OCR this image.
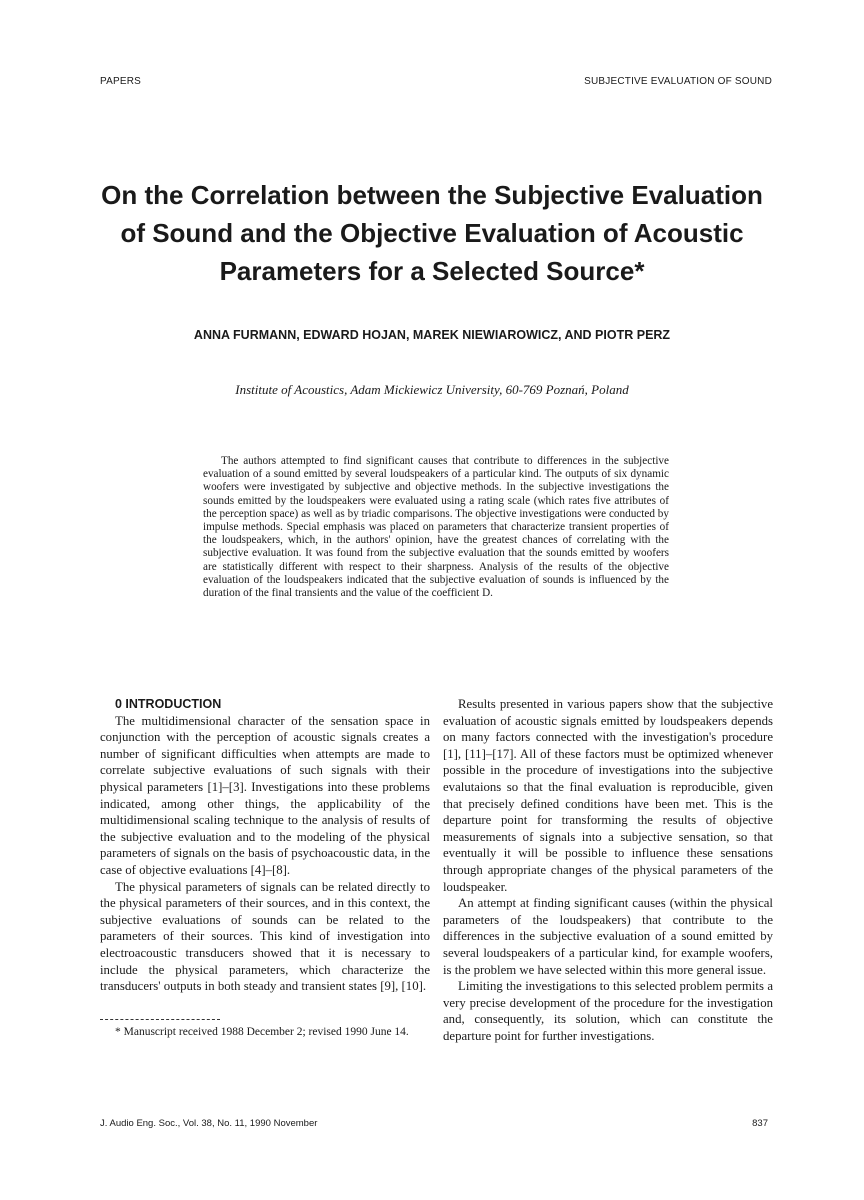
PAPERS	SUBJECTIVE EVALUATION OF SOUND

On the Correlation between the Subjective Evaluation

of Sound and the Objective Evaluation of Acoustic

Parameters for a Selected Source*

ANNA FURMANN, EDWARD HOJAN, MAREK NIEWIAROWICZ, AND PIOTR PERZ
Institute of Acoustics, Adam Mickiewicz University, 60-769 Poznań, Poland

The authors attempted to find significant causes that contribute to differences in the subjective evaluation of a sound emitted by several loudspeakers of a particular kind. The outputs of six dynamic woofers were investigated by subjective and objective methods. In the subjective investigations the sounds emitted by the loudspeakers were evaluated using a rating scale (which rates five attributes of the perception space) as well as by triadic comparisons. The objective investigations were conducted by impulse methods. Special emphasis was placed on parameters that characterize transient properties of the loudspeakers, which, in the authors' opinion, have the greatest chances of correlating with the subjective evaluation. It was found from the subjective evaluation that the sounds emitted by woofers are statistically different with respect to their sharpness. Analysis of the results of the objective evaluation of the loudspeakers indicated that the subjective evaluation of sounds is influenced by the duration of the final transients and the value of the coefficient D.

0 INTRODUCTION

The multidimensional character of the sensation space in conjunction with the perception of acoustic signals creates a number of significant difficulties when attempts are made to correlate subjective evaluations of such signals with their physical parameters [1]–[3]. Investigations into these problems indicated, among other things, the applicability of the multidimensional scaling technique to the analysis of results of the subjective evaluation and to the modeling of the physical parameters of signals on the basis of psychoacoustic data, in the case of objective evaluations [4]–[8].

The physical parameters of signals can be related directly to the physical parameters of their sources, and in this context, the subjective evaluations of sounds can be related to the parameters of their sources. This kind of investigation into electroacoustic transducers showed that it is necessary to include the physical parameters, which characterize the transducers' outputs in both steady and transient states [9], [10].

* Manuscript received 1988 December 2; revised 1990 June 14.

Results presented in various papers show that the subjective evaluation of acoustic signals emitted by loudspeakers depends on many factors connected with the investigation's procedure [1], [11]–[17]. All of these factors must be optimized whenever possible in the procedure of investigations into the subjective evalutaions so that the final evaluation is reproducible, given that precisely defined conditions have been met. This is the departure point for transforming the results of objective measurements of signals into a subjective sensation, so that eventually it will be possible to influence these sensations through appropriate changes of the physical parameters of the loudspeaker.

An attempt at finding significant causes (within the physical parameters of the loudspeakers) that contribute to the differences in the subjective evaluation of a sound emitted by several loudspeakers of a particular kind, for example woofers, is the problem we have selected within this more general issue.

Limiting the investigations to this selected problem permits a very precise development of the procedure for the investigation and, consequently, its solution, which can constitute the departure point for further investigations.

J. Audio Eng. Soc., Vol. 38, No. 11, 1990 November	837
